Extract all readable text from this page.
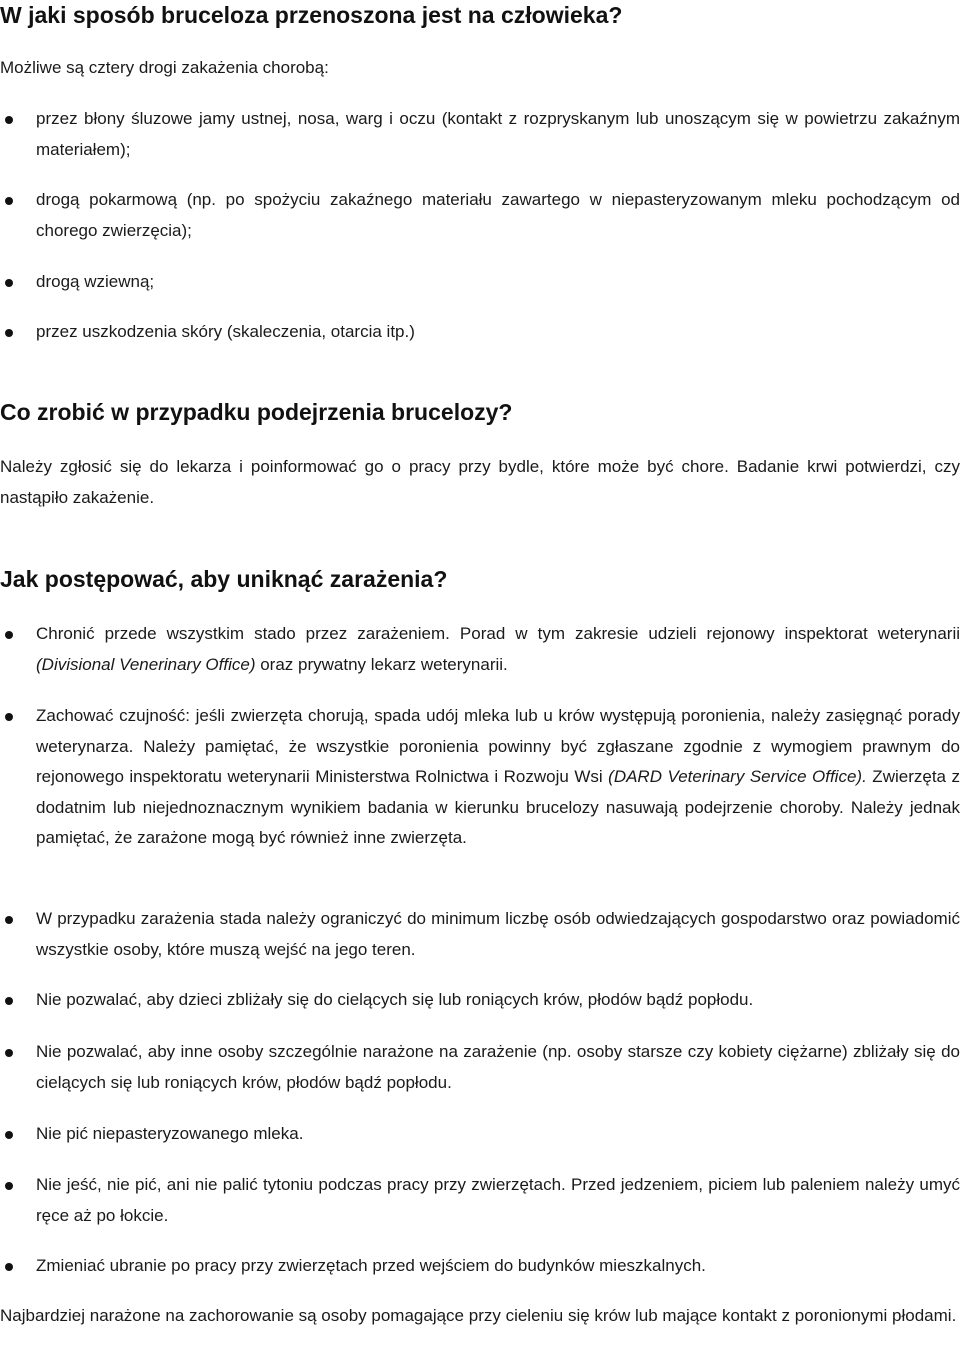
W jaki sposób bruceloza przenoszona jest na człowieka?

Możliwe są cztery drogi zakażenia chorobą:

przez błony śluzowe jamy ustnej, nosa, warg i oczu (kontakt z rozpryskanym lub unoszącym się w powietrzu zakaźnym materiałem);
drogą pokarmową (np. po spożyciu zakaźnego materiału zawartego w niepasteryzowanym mleku pochodzącym od chorego zwierzęcia);
drogą wziewną;
przez uszkodzenia skóry (skaleczenia, otarcia itp.)
Co zrobić w przypadku podejrzenia brucelozy?

Należy zgłosić się do lekarza i poinformować go o pracy przy bydle, które może być chore. Badanie krwi potwierdzi, czy nastąpiło zakażenie.

Jak postępować, aby uniknąć zarażenia?
Chronić przede wszystkim stado przez zarażeniem. Porad w tym zakresie udzieli rejonowy inspektorat weterynarii (Divisional Venerinary Office) oraz prywatny lekarz weterynarii.
Zachować czujność: jeśli zwierzęta chorują, spada udój mleka lub u krów występują poronienia, należy zasięgnąć porady weterynarza. Należy pamiętać, że wszystkie poronienia powinny być zgłaszane zgodnie z wymogiem prawnym do rejonowego inspektoratu weterynarii Ministerstwa Rolnictwa i Rozwoju Wsi (DARD Veterinary Service Office). Zwierzęta z dodatnim lub niejednoznacznym wynikiem badania w kierunku brucelozy nasuwają podejrzenie choroby. Należy jednak pamiętać, że zarażone mogą być również inne zwierzęta.
W przypadku zarażenia stada należy ograniczyć do minimum liczbę osób odwiedzających gospodarstwo oraz powiadomić wszystkie osoby, które muszą wejść na jego teren.
Nie pozwalać, aby dzieci zbliżały się do cielących się lub roniących krów, płodów bądź popłodu.
Nie pozwalać, aby inne osoby szczególnie narażone na zarażenie (np. osoby starsze czy kobiety ciężarne) zbliżały się do cielących się lub roniących krów, płodów bądź popłodu.
Nie pić niepasteryzowanego mleka.
Nie jeść, nie pić, ani nie palić tytoniu podczas pracy przy zwierzętach. Przed jedzeniem, piciem lub paleniem należy umyć ręce aż po łokcie.
Zmieniać ubranie po pracy przy zwierzętach przed wejściem do budynków mieszkalnych.

Najbardziej narażone na zachorowanie są osoby pomagające przy cieleniu się krów lub mające kontakt z poronionymi płodami.
